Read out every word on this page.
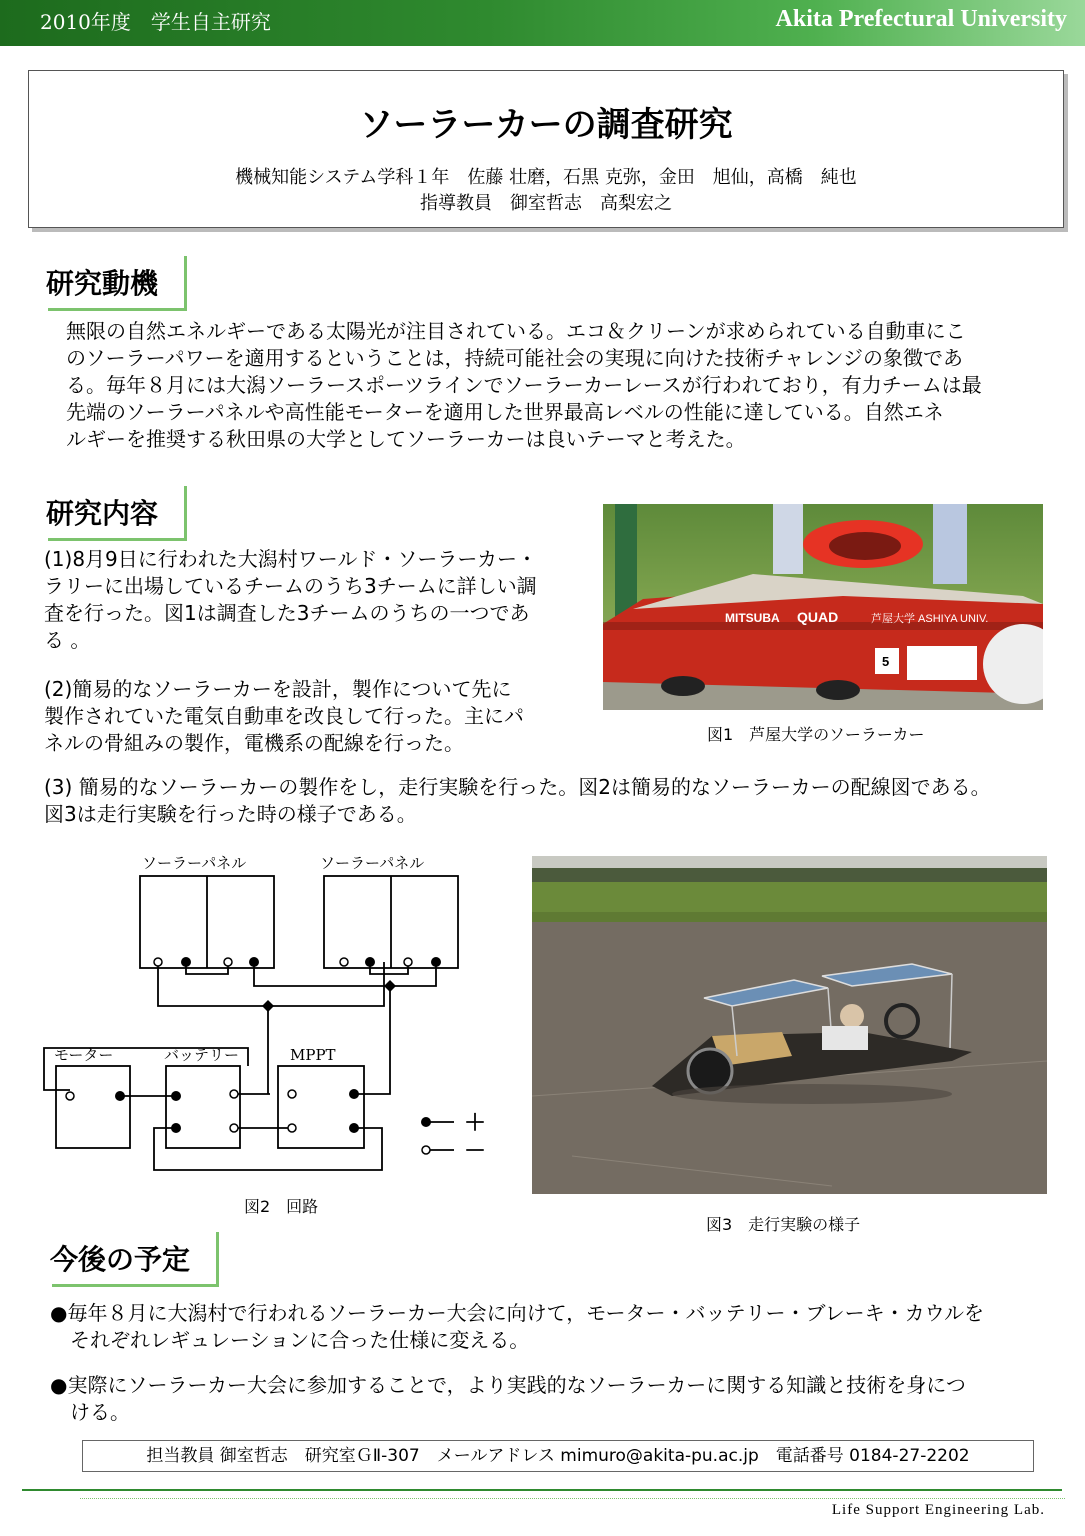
2010年度　学生自主研究	Akita Prefectural University
ソーラーカーの調査研究
機械知能システム学科１年　佐藤 壮磨，石黒 克弥，金田　旭仙，高橋　純也
指導教員　御室哲志　高梨宏之
研究動機
無限の自然エネルギーである太陽光が注目されている。エコ＆クリーンが求められている自動車にこ
のソーラーパワーを適用するということは，持続可能社会の実現に向けた技術チャレンジの象徴であ
る。毎年８月には大潟ソーラースポーツラインでソーラーカーレースが行われており，有力チームは最
先端のソーラーパネルや高性能モーターを適用した世界最高レベルの性能に達している。自然エネ
ルギーを推奨する秋田県の大学としてソーラーカーは良いテーマと考えた。
研究内容
(1)8月9日に行われた大潟村ワールド・ソーラーカー・
ラリーに出場しているチームのうち3チームに詳しい調
査を行った。図1は調査した3チームのうちの一つであ
る 。
(2)簡易的なソーラーカーを設計，製作について先に
製作されていた電気自動車を改良して行った。主にパ
ネルの骨組みの製作，電機系の配線を行った。
MITSUBA QUAD	芦屋大学 ASHIYA UNIV.
5
図1　芦屋大学のソーラーカー
(3) 簡易的なソーラーカーの製作をし，走行実験を行った。図2は簡易的なソーラーカーの配線図である。
図3は走行実験を行った時の様子である。
ソーラーパネル	ソーラーパネル
モーター	バッテリー	MPPT
＋
－
図2　回路
図3　走行実験の様子
今後の予定
●毎年８月に大潟村で行われるソーラーカー大会に向けて，モーター・バッテリー・ブレーキ・カウルを
　それぞれレギュレーションに合った仕様に変える。
●実際にソーラーカー大会に参加することで，より実践的なソーラーカーに関する知識と技術を身につ
　ける。
担当教員 御室哲志　研究室ＧⅡ-307　メールアドレス mimuro@akita-pu.ac.jp　電話番号 0184-27-2202
Life Support Engineering Lab.
